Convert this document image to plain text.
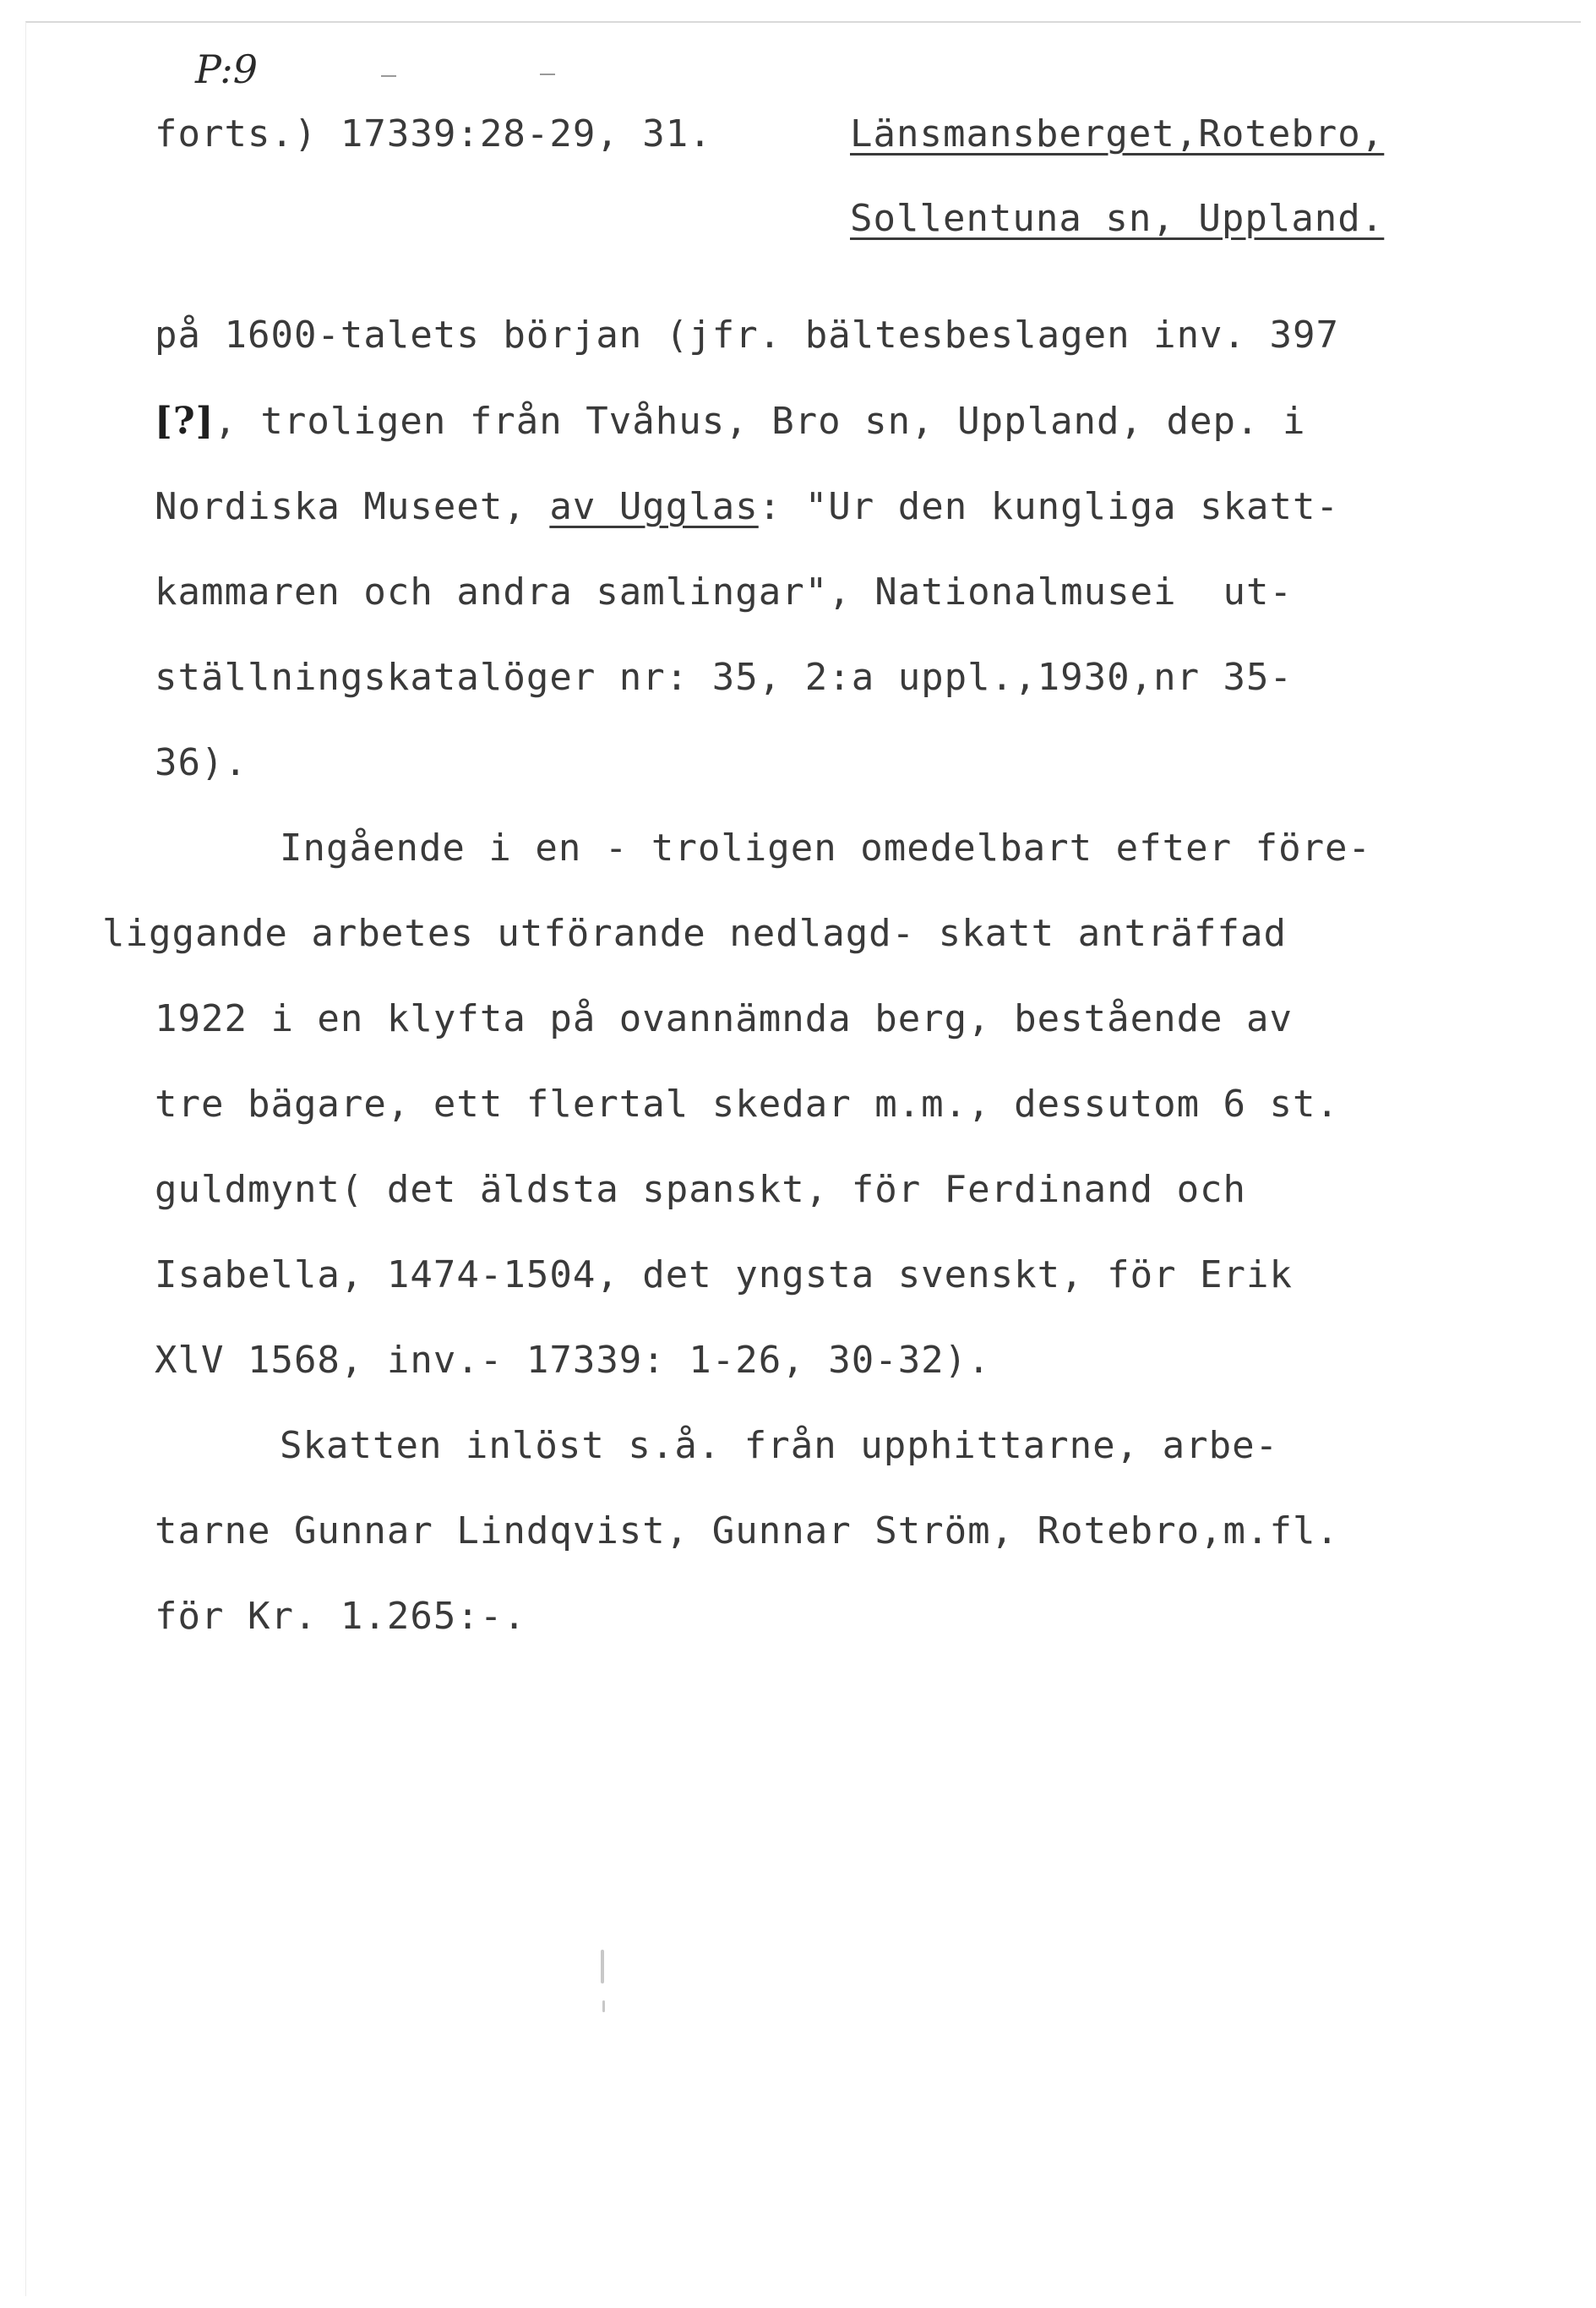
P:9
forts.) 17339:28-29, 31.	Länsmansberget,Rotebro,
Sollentuna sn, Uppland.
på 1600-talets början (jfr. bältesbeslagen inv. 397
[?], troligen från Tvåhus, Bro sn, Uppland, dep. i
Nordiska Museet, av Ugglas: "Ur den kungliga skatt-
kammaren och andra samlingar", Nationalmusei  ut-
ställningskatalöger nr: 35, 2:a uppl.,1930,nr 35-
36).
Ingående i en - troligen omedelbart efter före-
liggande arbetes utförande nedlagd- skatt anträffad
1922 i en klyfta på ovannämnda berg, bestående av
tre bägare, ett flertal skedar m.m., dessutom 6 st.
guldmynt( det äldsta spanskt, för Ferdinand och
Isabella, 1474-1504, det yngsta svenskt, för Erik
XlV 1568, inv.- 17339: 1-26, 30-32).
Skatten inlöst s.å. från upphittarne, arbe-
tarne Gunnar Lindqvist, Gunnar Ström, Rotebro,m.fl.
för Kr. 1.265:-.
